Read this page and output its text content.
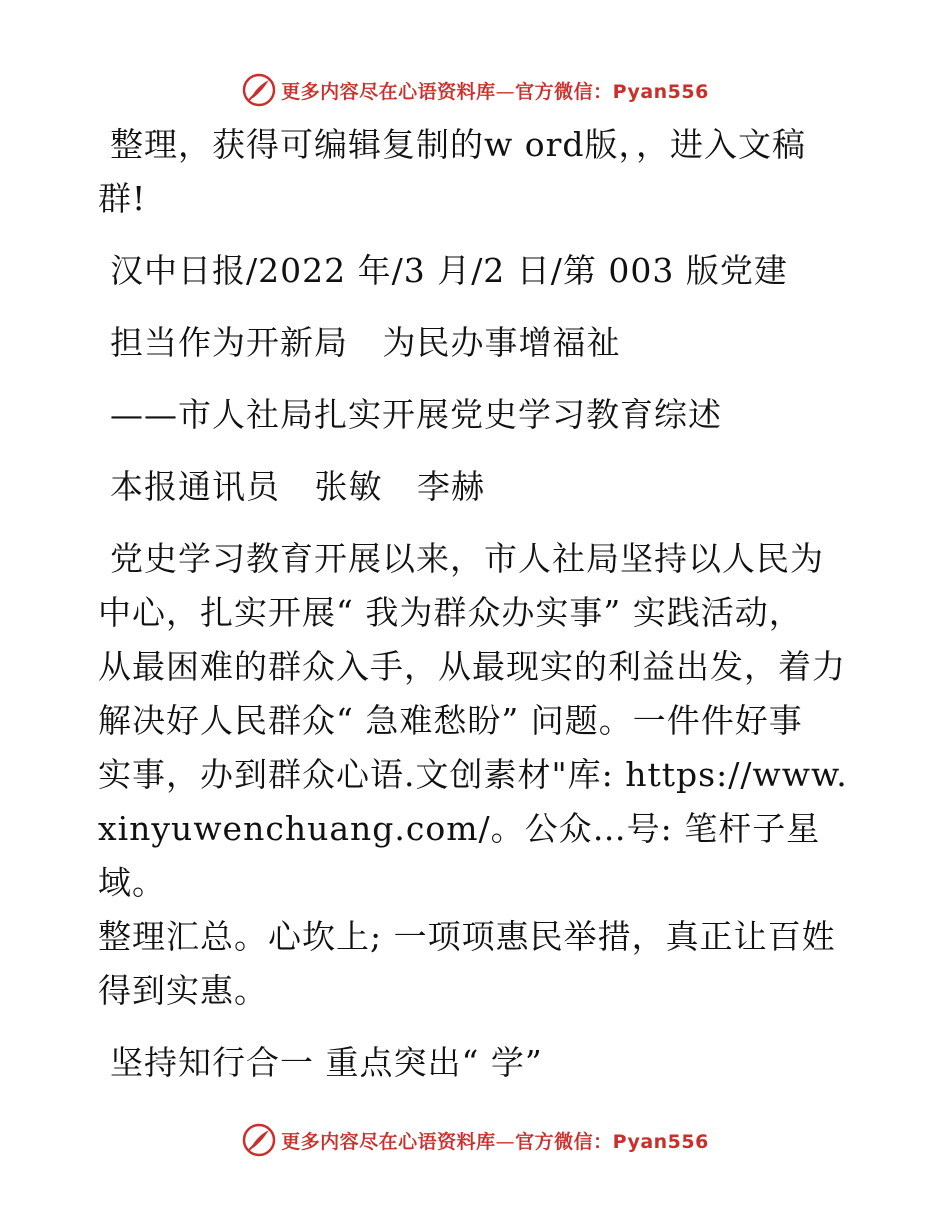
更多内容尽在心语资料库—官方微信：Pyan556

整理，获得可编辑复制的w ord版，，进入文稿

群!

汉中日报/2022 年/3 月/2 日/第 003 版党建

担当作为开新局   为民办事增福祉

——市人社局扎实开展党史学习教育综述

本报通讯员   张敏   李赫

党史学习教育开展以来，市人社局坚持以人民为

中心，扎实开展“ 我为群众办实事” 实践活动，

从最困难的群众入手，从最现实的利益出发，着力

解决好人民群众“ 急难愁盼” 问题。一件件好事

实事，办到群众心语.文创素材"库: https://www.

xinyuwenchuang.com/。公众…号: 笔杆子星域。

整理汇总。心坎上; 一项项惠民举措，真正让百姓

得到实惠。

坚持知行合一 重点突出“ 学”

更多内容尽在心语资料库—官方微信：Pyan556
